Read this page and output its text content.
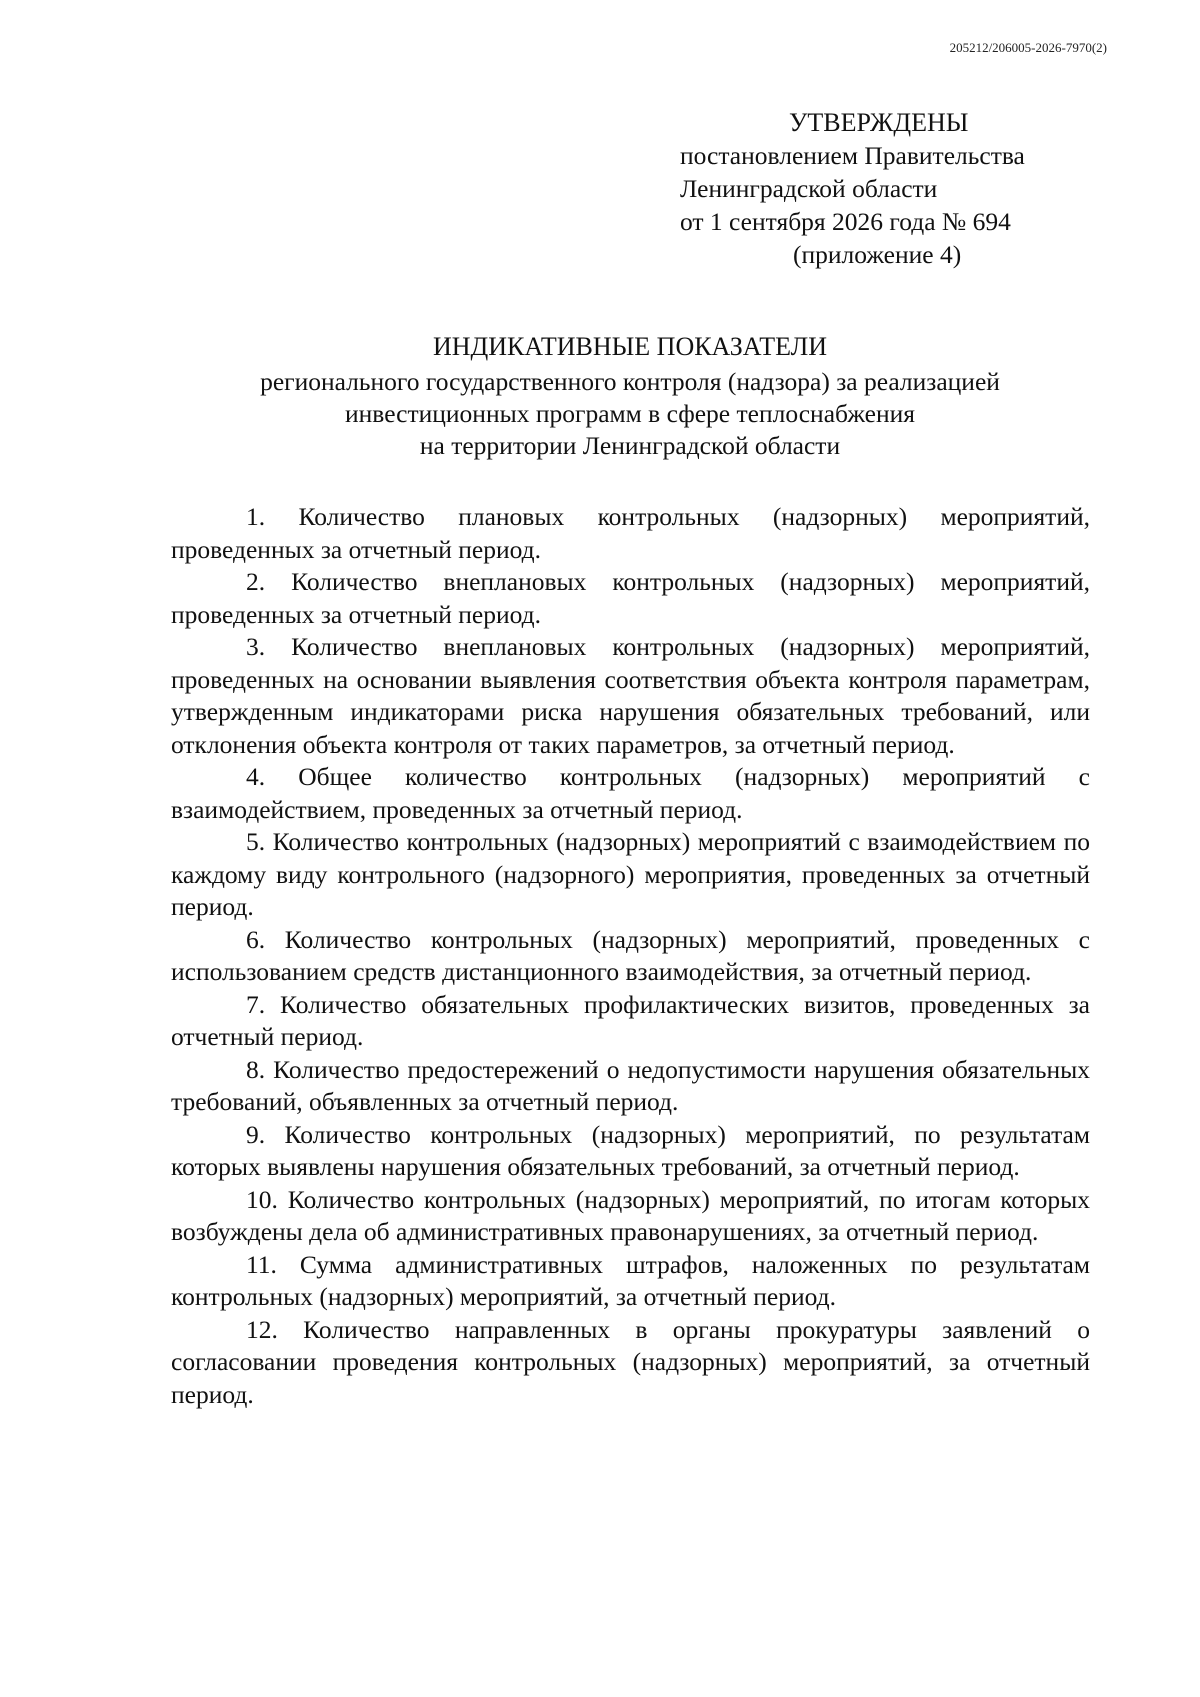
205212/206005-2026-7970(2)
УТВЕРЖДЕНЫ
постановлением Правительства
Ленинградской области
от 1 сентября 2026 года № 694
(приложение 4)
ИНДИКАТИВНЫЕ ПОКАЗАТЕЛИ
регионального государственного контроля (надзора) за реализацией
инвестиционных программ в сфере теплоснабжения
на территории Ленинградской области

1. Количество плановых контрольных (надзорных) мероприятий, проведенных за отчетный период.

2. Количество внеплановых контрольных (надзорных) мероприятий, проведенных за отчетный период.

3. Количество внеплановых контрольных (надзорных) мероприятий, проведенных на основании выявления соответствия объекта контроля параметрам, утвержденным индикаторами риска нарушения обязательных требований, или отклонения объекта контроля от таких параметров, за отчетный период.

4. Общее количество контрольных (надзорных) мероприятий с взаимодействием, проведенных за отчетный период.

5. Количество контрольных (надзорных) мероприятий с взаимодействием по каждому виду контрольного (надзорного) мероприятия, проведенных за отчетный период.

6. Количество контрольных (надзорных) мероприятий, проведенных с использованием средств дистанционного взаимодействия, за отчетный период.

7. Количество обязательных профилактических визитов, проведенных за отчетный период.

8. Количество предостережений о недопустимости нарушения обязательных требований, объявленных за отчетный период.

9. Количество контрольных (надзорных) мероприятий, по результатам которых выявлены нарушения обязательных требований, за отчетный период.

10. Количество контрольных (надзорных) мероприятий, по итогам которых возбуждены дела об административных правонарушениях, за отчетный период.

11. Сумма административных штрафов, наложенных по результатам контрольных (надзорных) мероприятий, за отчетный период.

12. Количество направленных в органы прокуратуры заявлений о согласовании проведения контрольных (надзорных) мероприятий, за отчетный период.
